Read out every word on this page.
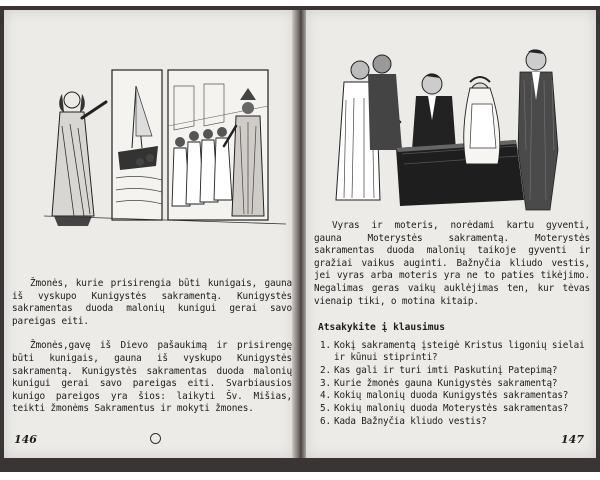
Žmonės, kurie prisirengia būti kunigais, gauna iš vyskupo Kunigystės sakramentą. Kunigystės sakramentas duoda malonių kunigui gerai savo pareigas eiti.

Žmonės,gavę iš Dievo pašaukimą ir prisirengę būti kunigais, gauna iš vyskupo Kunigystės sakramentą. Kunigystės sakramentas duoda malonių kunigui gerai savo pareigas eiti. Svarbiausios kunigo pareigos yra šios: laikyti Šv. Mišias, teikti žmonėms Sakramentus ir mokyti žmones.

146

Vyras ir moteris, norėdami kartu gyventi, gauna Moterystės sakramentą. Moterystės sakramentas duoda malonių taikoje gyventi ir gražiai vaikus auginti. Bažnyčia kliudo vestis, jei vyras arba moteris yra ne to paties tikėjimo. Negalimas geras vaikų auklėjimas ten, kur tėvas vienaip tiki, o motina kitaip.

Atsakykite į klausimus
1. Kokį sakramentą įsteigė Kristus ligonių sielai ir kūnui stiprinti?
2. Kas gali ir turi imti Paskutinį Patepimą?
3. Kurie žmonės gauna Kunigystės sakramentą?
4. Kokių malonių duoda Kunigystės sakramentas?
5. Kokių malonių duoda Moterystės sakramentas?
6. Kada Bažnyčia kliudo vestis?
147
